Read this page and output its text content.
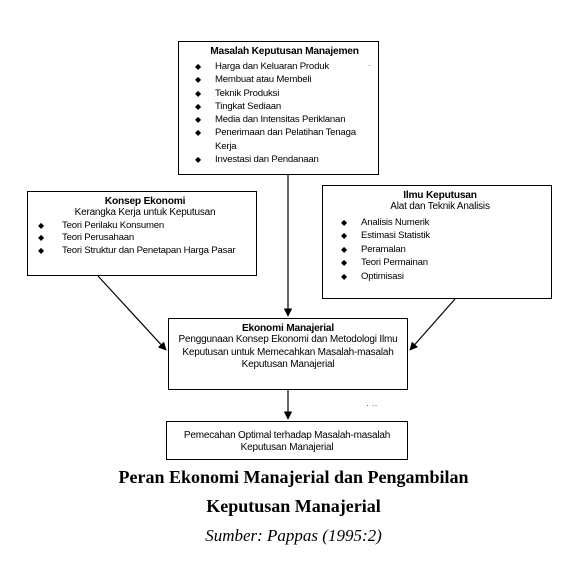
Masalah Keputusan Manajemen
◆ Harga dan Keluaran Produk
◆ Membuat atau Membeli
◆ Teknik Produksi
◆ Tingkat Sediaan
◆ Media dan Intensitas Periklanan
◆ Penerimaan dan Pelatihan Tenaga Kerja
◆ Investasi dan Pendanaan
Konsep Ekonomi
Kerangka Kerja untuk Keputusan
◆ Teori Perilaku Konsumen
◆ Teori Perusahaan
◆ Teori Struktur dan Penetapan Harga Pasar
Ilmu Keputusan
Alat dan Teknik Analisis
◆ Analisis Numerik
◆ Estimasi Statistik
◆ Peramalan
◆ Teori Permainan
◆ Optimisasi
Ekonomi Manajerial
Penggunaan Konsep Ekonomi dan Metodologi Ilmu Keputusan untuk Memecahkan Masalah-masalah Keputusan Manajerial
Pemecahan Optimal terhadap Masalah-masalah Keputusan Manajerial
.
· ··
Peran Ekonomi Manajerial dan Pengambilan
Keputusan Manajerial
Sumber: Pappas (1995:2)
